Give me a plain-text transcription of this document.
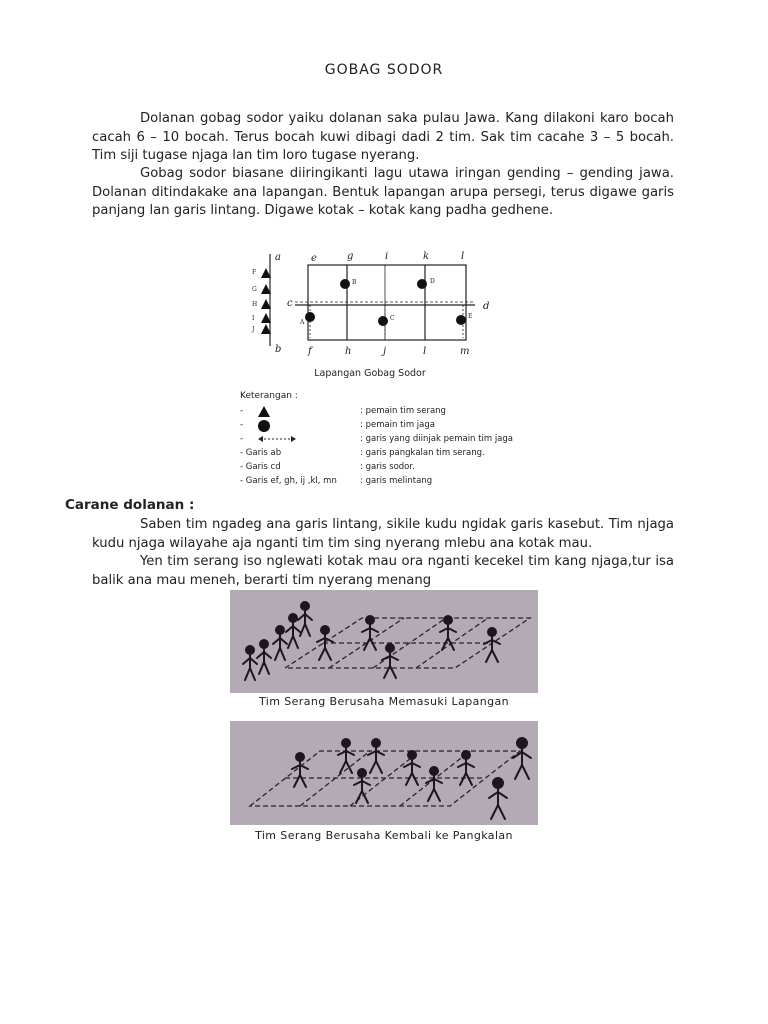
GOBAG SODOR

Dolanan gobag sodor yaiku dolanan saka pulau Jawa. Kang dilakoni karo bocah cacah 6 – 10 bocah. Terus bocah kuwi dibagi dadi 2 tim. Sak tim cacahe 3 – 5 bocah. Tim siji tugase njaga lan tim loro tugase nyerang.

Gobag sodor biasane diiringikanti lagu utawa iringan gending – gending jawa. Dolanan ditindakake ana lapangan. Bentuk lapangan arupa persegi, terus digawe garis panjang lan garis lintang. Digawe kotak – kotak kang padha gedhene.

a	e	g	i	k	l
b	f	h	j	l	m
c	d
F
G
H
I
J
A
B
C
D
E
Lapangan Gobag Sodor
Keterangan :
-	: pemain tim serang
-	: pemain tim jaga
-	: garis yang diinjak pemain tim jaga
- Garis ab	: garis pangkalan tim serang.
- Garis cd	: garis sodor.
- Garis ef, gh, ij ,kl, mn	: garis melintang
Carane dolanan :

Saben tim ngadeg ana garis lintang, sikile kudu ngidak garis kasebut. Tim njaga kudu njaga wilayahe aja nganti tim tim sing nyerang mlebu ana kotak mau.

Yen tim serang iso nglewati kotak mau ora nganti kecekel tim kang njaga,tur isa balik ana mau meneh, berarti tim nyerang menang

Tim Serang Berusaha Memasuki Lapangan
Tim Serang Berusaha Kembali ke Pangkalan
